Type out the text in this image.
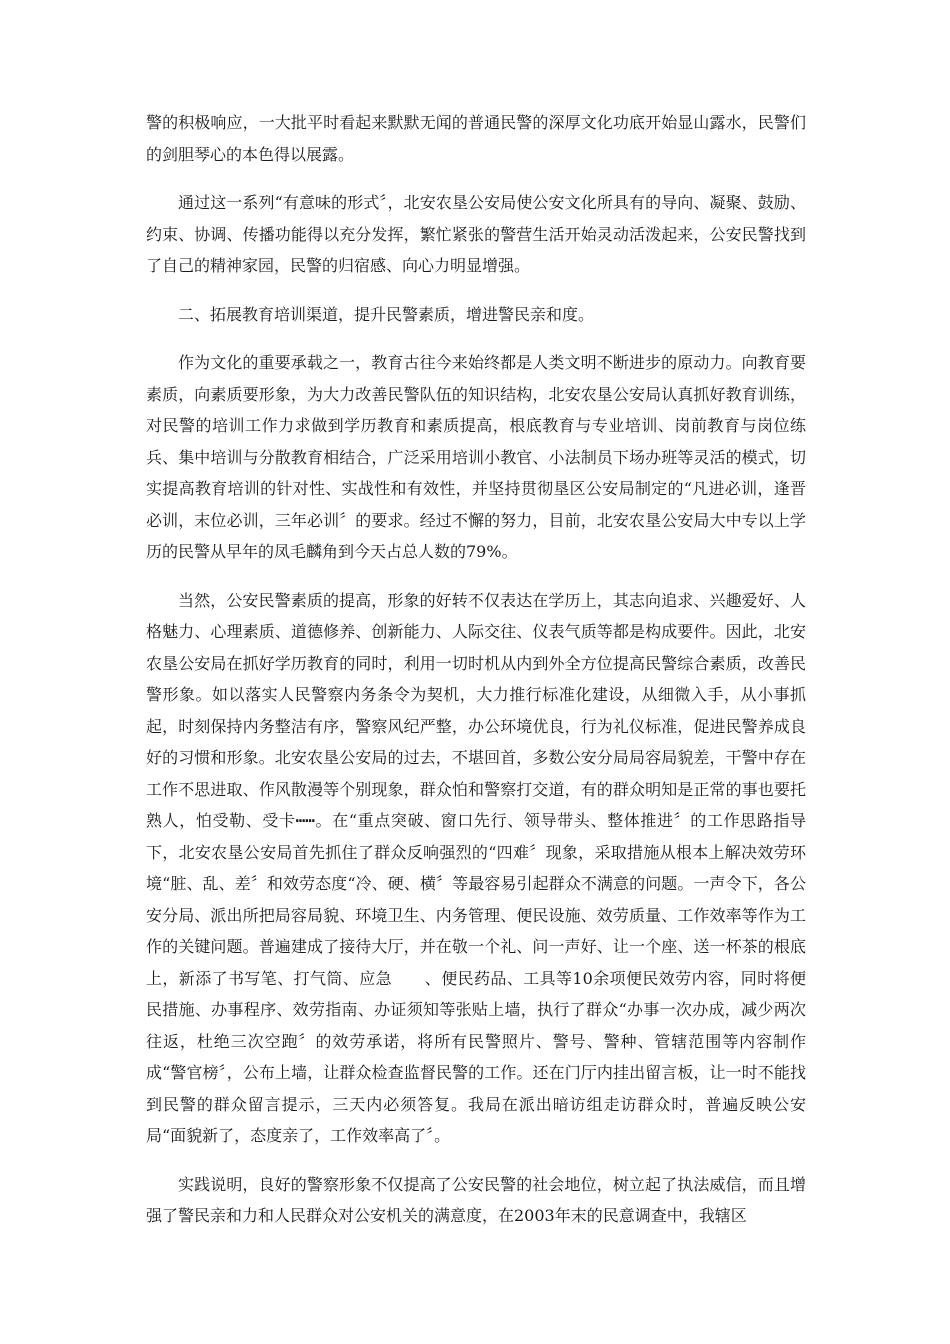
警的积极响应，一大批平时看起来默默无闻的普通民警的深厚文化功底开始显山露水，民警们的剑胆琴心的本色得以展露。

通过这一系列“有意味的形式〞，北安农垦公安局使公安文化所具有的导向、凝聚、鼓励、约束、协调、传播功能得以充分发挥，繁忙紧张的警营生活开始灵动活泼起来，公安民警找到了自己的精神家园，民警的归宿感、向心力明显增强。

二、拓展教育培训渠道，提升民警素质，增进警民亲和度。

作为文化的重要承载之一，教育古往今来始终都是人类文明不断进步的原动力。向教育要素质，向素质要形象，为大力改善民警队伍的知识结构，北安农垦公安局认真抓好教育训练，对民警的培训工作力求做到学历教育和素质提高，根底教育与专业培训、岗前教育与岗位练兵、集中培训与分散教育相结合，广泛采用培训小教官、小法制员下场办班等灵活的模式，切实提高教育培训的针对性、实战性和有效性，并坚持贯彻垦区公安局制定的“凡进必训，逢晋必训，末位必训，三年必训〞的要求。经过不懈的努力，目前，北安农垦公安局大中专以上学历的民警从早年的凤毛麟角到今天占总人数的79%。

当然，公安民警素质的提高，形象的好转不仅表达在学历上，其志向追求、兴趣爱好、人格魅力、心理素质、道德修养、创新能力、人际交往、仪表气质等都是构成要件。因此，北安农垦公安局在抓好学历教育的同时，利用一切时机从内到外全方位提高民警综合素质，改善民警形象。如以落实人民警察内务条令为契机，大力推行标准化建设，从细微入手，从小事抓起，时刻保持内务整洁有序，警察风纪严整，办公环境优良，行为礼仪标准，促进民警养成良好的习惯和形象。北安农垦公安局的过去，不堪回首，多数公安分局局容局貌差，干警中存在工作不思进取、作风散漫等个别现象，群众怕和警察打交道，有的群众明知是正常的事也要托熟人，怕受勒、受卡┅┅。在“重点突破、窗口先行、领导带头、整体推进〞的工作思路指导下，北安农垦公安局首先抓住了群众反响强烈的“四难〞现象，采取措施从根本上解决效劳环境“脏、乱、差〞和效劳态度“冷、硬、横〞等最容易引起群众不满意的问题。一声令下，各公安分局、派出所把局容局貌、环境卫生、内务管理、便民设施、效劳质量、工作效率等作为工作的关键问题。普遍建成了接待大厅，并在敬一个礼、问一声好、让一个座、送一杯茶的根底上，新添了书写笔、打气筒、应急　　、便民药品、工具等10余项便民效劳内容，同时将便民措施、办事程序、效劳指南、办证须知等张贴上墙，执行了群众“办事一次办成，减少两次往返，杜绝三次空跑〞的效劳承诺，将所有民警照片、警号、警种、管辖范围等内容制作成“警官榜〞，公布上墙，让群众检查监督民警的工作。还在门厅内挂出留言板，让一时不能找到民警的群众留言提示，三天内必须答复。我局在派出暗访组走访群众时，普遍反映公安局“面貌新了，态度亲了，工作效率高了〞。

实践说明，良好的警察形象不仅提高了公安民警的社会地位，树立起了执法威信，而且增强了警民亲和力和人民群众对公安机关的满意度，在2003年末的民意调查中，我辖区
